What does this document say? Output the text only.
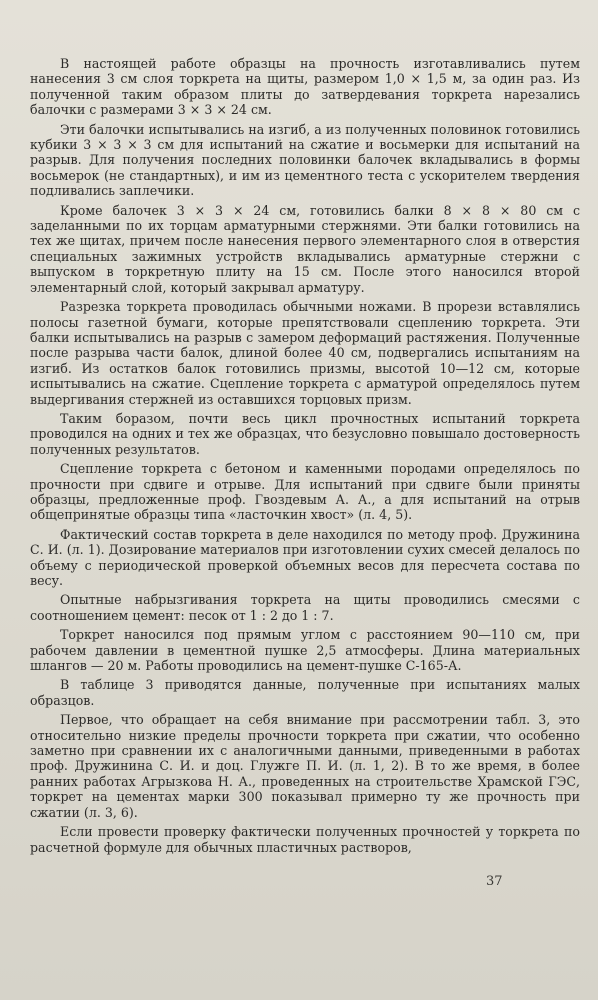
В настоящей работе образцы на прочность изготавливались путем нанесения 3 см слоя торкрета на щиты, размером 1,0 × 1,5 м, за один раз. Из полученной таким образом плиты до затвердевания торкрета нарезались балочки с размерами 3 × 3 × 24 см.

Эти балочки испытывались на изгиб, а из полученных половинок готовились кубики 3 × 3 × 3 см для испытаний на сжатие и восьмерки для испытаний на разрыв. Для получения последних половинки балочек вкладывались в формы восьмерок (не стандартных), и им из цементного теста с ускорителем твердения подливались заплечики.

Кроме балочек 3 × 3 × 24 см, готовились балки 8 × 8 × 80 см с заделанными по их торцам арматурными стержнями. Эти балки готовились на тех же щитах, причем после нанесения первого элементарного слоя в отверстия специальных зажимных устройств вкладывались арматурные стержни с выпуском в торкретную плиту на 15 см. После этого наносился второй элементарный слой, который закрывал арматуру.

Разрезка торкрета проводилась обычными ножами. В прорези вставлялись полосы газетной бумаги, которые препятствовали сцеплению торкрета. Эти балки испытывались на разрыв с замером деформаций растяжения. Полученные после разрыва части балок, длиной более 40 см, подвергались испытаниям на изгиб. Из остатков балок готовились призмы, высотой 10—12 см, которые испытывались на сжатие. Сцепление торкрета с арматурой определялось путем выдергивания стержней из оставшихся торцовых призм.

Таким боразом, почти весь цикл прочностных испытаний торкрета проводился на одних и тех же образцах, что безусловно повышало достоверность полученных результатов.

Сцепление торкрета с бетоном и каменными породами определялось по прочности при сдвиге и отрыве. Для испытаний при сдвиге были приняты образцы, предложенные проф. Гвоздевым А. А., а для испытаний на отрыв общепринятые образцы типа «ласточкин хвост» (л. 4, 5).

Фактический состав торкрета в деле находился по методу проф. Дружинина С. И. (л. 1). Дозирование материалов при изготовлении сухих смесей делалось по объему с периодической проверкой объемных весов для пересчета состава по весу.

Опытные набрызгивания торкрета на щиты проводились смесями с соотношением цемент: песок от 1 : 2 до 1 : 7.

Торкрет наносился под прямым углом с расстоянием 90—110 см, при рабочем давлении в цементной пушке 2,5 атмосферы. Длина материальных шлангов — 20 м. Работы проводились на цемент-пушке С-165-А.

В таблице 3 приводятся данные, полученные при испытаниях малых образцов.

Первое, что обращает на себя внимание при рассмотрении табл. 3, это относительно низкие пределы прочности торкрета при сжатии, что особенно заметно при сравнении их с аналогичными данными, приведенными в работах проф. Дружинина С. И. и доц. Глужге П. И. (л. 1, 2). В то же время, в более ранних работах Агрызкова Н. А., проведенных на строительстве Храмской ГЭС, торкрет на цементах марки 300 показывал примерно ту же прочность при сжатии (л. 3, 6).

Если провести проверку фактически полученных прочностей у торкрета по расчетной формуле для обычных пластичных растворов,

37
